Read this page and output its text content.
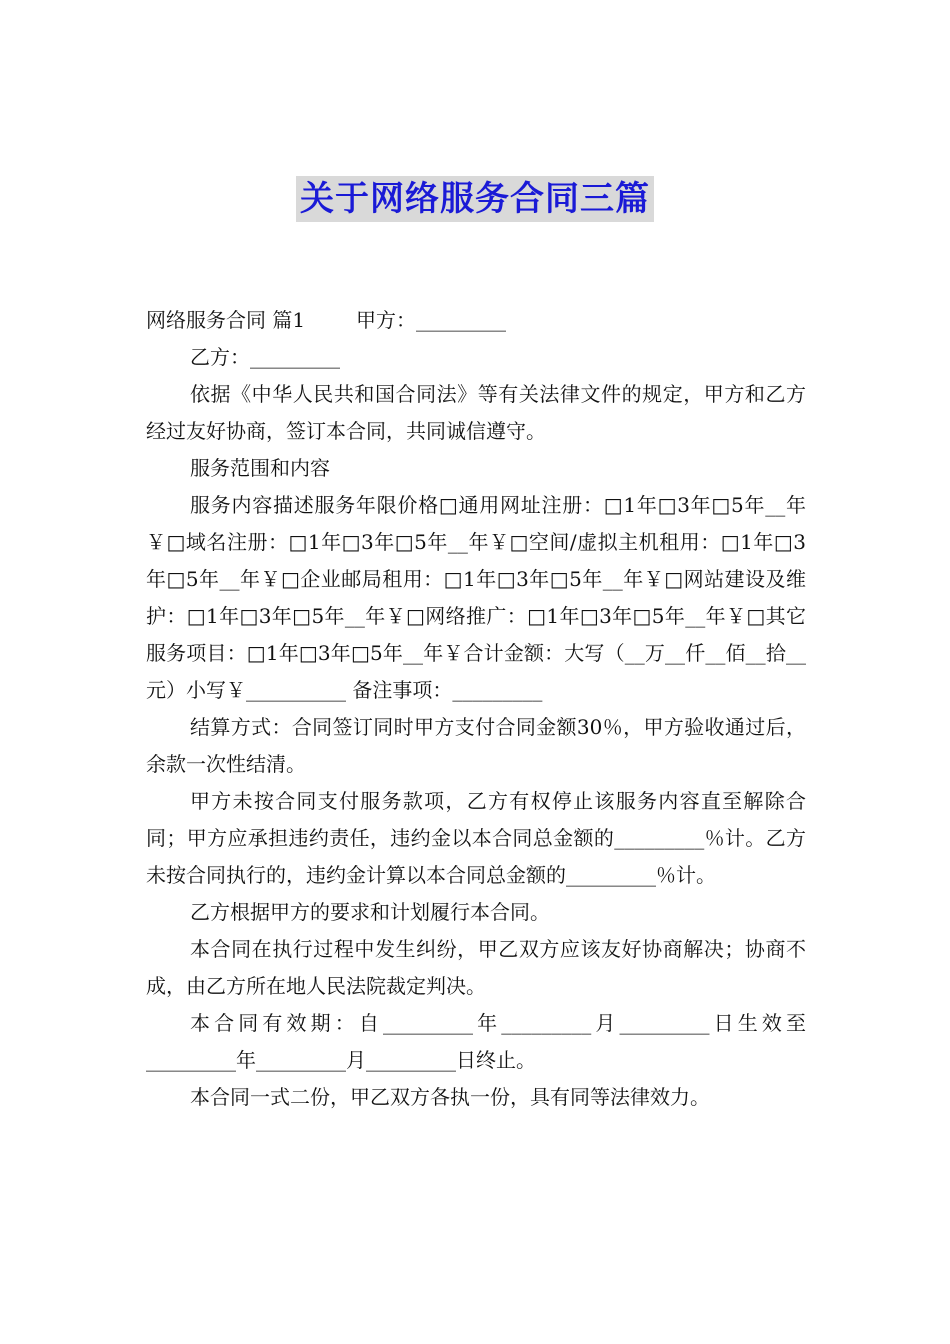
关于网络服务合同三篇

网络服务合同 篇1        甲方：_________

乙方：_________

依据《中华人民共和国合同法》等有关法律文件的规定，甲方和乙方经过友好协商，签订本合同，共同诚信遵守。

服务范围和内容

服务内容描述服务年限价格□通用网址注册：□1年□3年□5年__年￥□域名注册：□1年□3年□5年__年￥□空间/虚拟主机租用：□1年□3年□5年__年￥□企业邮局租用：□1年□3年□5年__年￥□网站建设及维护：□1年□3年□5年__年￥□网络推广：□1年□3年□5年__年￥□其它服务项目：□1年□3年□5年__年￥合计金额：大写（__万__仟__佰__拾__元）小写￥__________ 备注事项：_________

结算方式：合同签订同时甲方支付合同金额30％，甲方验收通过后，余款一次性结清。

甲方未按合同支付服务款项，乙方有权停止该服务内容直至解除合同；甲方应承担违约责任，违约金以本合同总金额的_________％计。乙方未按合同执行的，违约金计算以本合同总金额的_________％计。

乙方根据甲方的要求和计划履行本合同。

本合同在执行过程中发生纠纷，甲乙双方应该友好协商解决；协商不成，由乙方所在地人民法院裁定判决。

本合同有效期：自_________年_________月_________日生效至_________年_________月_________日终止。

本合同一式二份，甲乙双方各执一份，具有同等法律效力。
